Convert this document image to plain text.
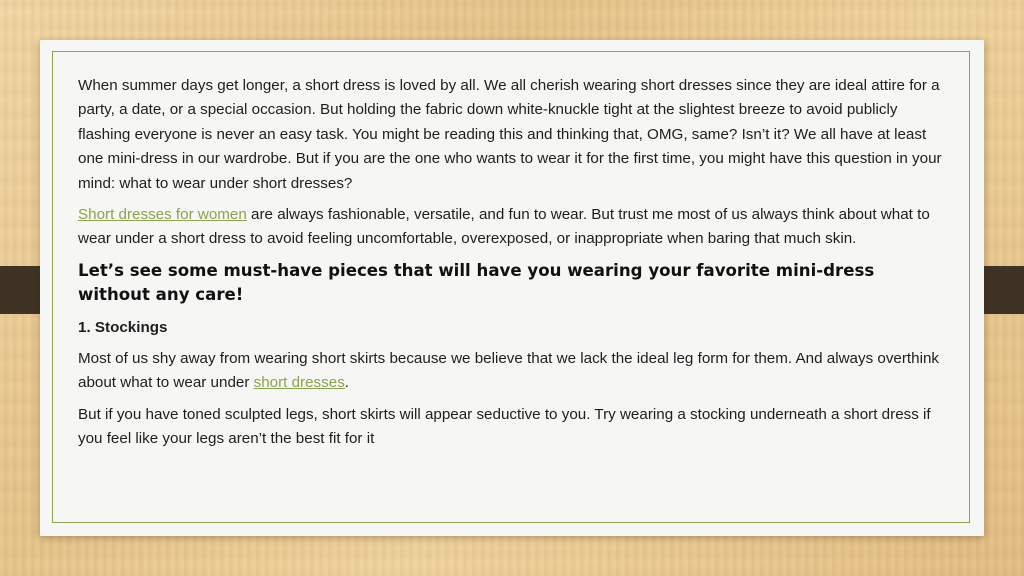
When summer days get longer, a short dress is loved by all. We all cherish wearing short dresses since they are ideal attire for a party, a date, or a special occasion. But holding the fabric down white-knuckle tight at the slightest breeze to avoid publicly flashing everyone is never an easy task. You might be reading this and thinking that, OMG, same? Isn’t it? We all have at least one mini-dress in our wardrobe. But if you are the one who wants to wear it for the first time, you might have this question in your mind: what to wear under short dresses?

Short dresses for women are always fashionable, versatile, and fun to wear. But trust me most of us always think about what to wear under a short dress to avoid feeling uncomfortable, overexposed, or inappropriate when baring that much skin.

Let’s see some must-have pieces that will have you wearing your favorite mini-dress without any care!

1. Stockings

Most of us shy away from wearing short skirts because we believe that we lack the ideal leg form for them. And always overthink about what to wear under short dresses.

But if you have toned sculpted legs, short skirts will appear seductive to you. Try wearing a stocking underneath a short dress if you feel like your legs aren’t the best fit for it
